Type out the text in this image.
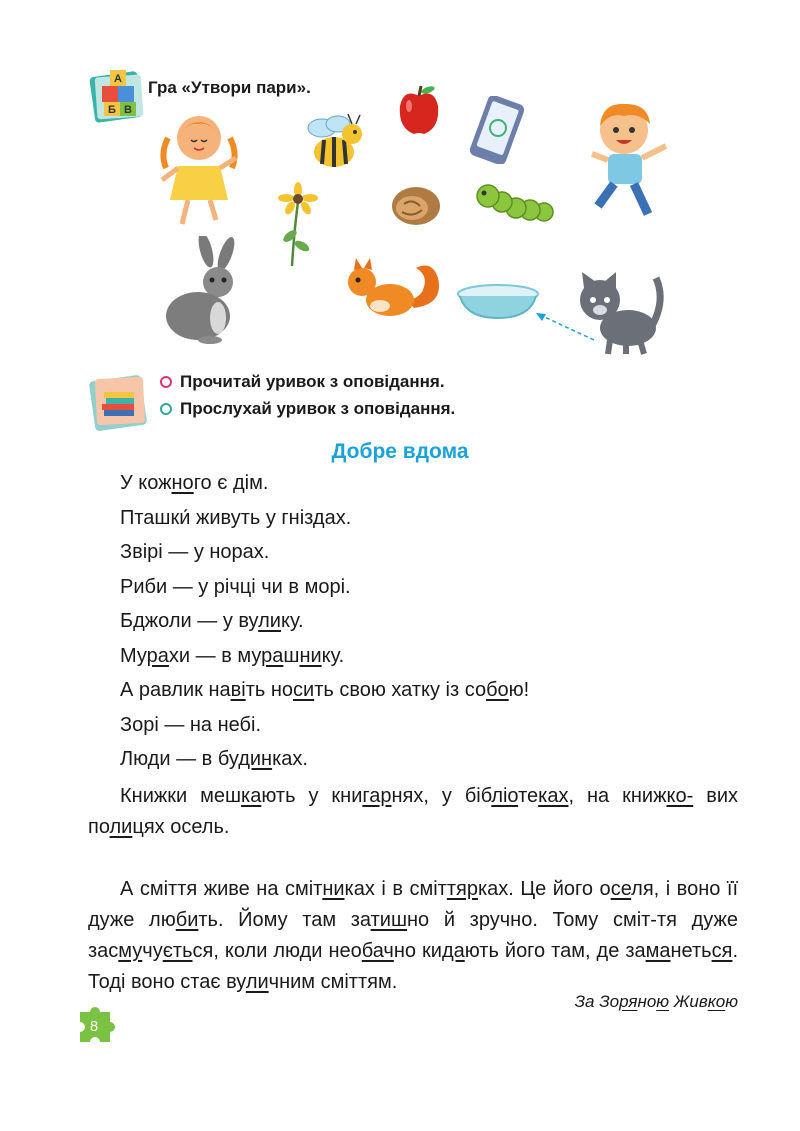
А
Б В
Гра «Утвори пари».
Прочитай уривок з оповідання.
Прослухай уривок з оповідання.
Добре вдома
У кожного є дім.
Пташки́ живуть у гніздах.
Звірі — у норах.
Риби — у річці чи в морі.
Бджоли — у вулику.
Мурахи — в мурашнику.
А равлик навіть носить свою хатку із собою!
Зорі — на небі.
Люди — в будинках.
Книжки мешкають у книгарнях, у бібліотеках, на книжко- вих полицях осель.
А сміття живе на смітниках і в сміттярках. Це його оселя, і воно її дуже любить. Йому там затишно й зручно. Тому сміт-тя дуже засмучується, коли люди необачно кидають його там, де заманеться. Тоді воно стає вуличним сміттям.
За Зоряною Живкою
8
